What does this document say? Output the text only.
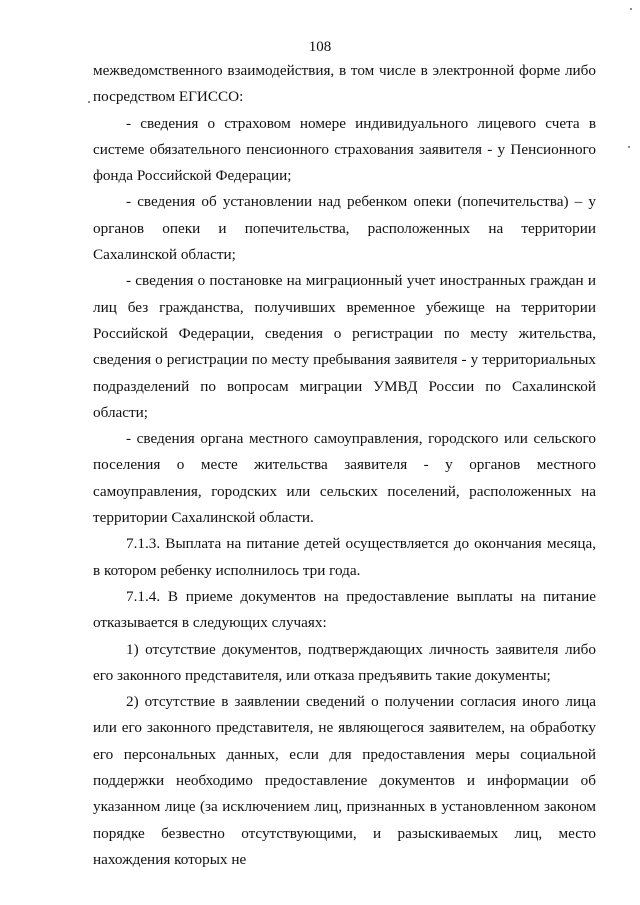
108

межведомственного взаимодействия, в том числе в электронной форме либо посредством ЕГИССО:

- сведения о страховом номере индивидуального лицевого счета в системе обязательного пенсионного страхования заявителя - у Пенсионного фонда Российской Федерации;

- сведения об установлении над ребенком опеки (попечительства) – у органов опеки и попечительства, расположенных на территории Сахалинской области;

- сведения о постановке на миграционный учет иностранных граждан и лиц без гражданства, получивших временное убежище на территории Российской Федерации, сведения о регистрации по месту жительства, сведения о регистрации по месту пребывания заявителя - у территориальных подразделений по вопросам миграции УМВД России по Сахалинской области;

- сведения органа местного самоуправления, городского или сельского поселения о месте жительства заявителя - у органов местного самоуправления, городских или сельских поселений, расположенных на территории Сахалинской области.

7.1.3. Выплата на питание детей осуществляется до окончания месяца, в котором ребенку исполнилось три года.

7.1.4. В приеме документов на предоставление выплаты на питание отказывается в следующих случаях:

1) отсутствие документов, подтверждающих личность заявителя либо его законного представителя, или отказа предъявить такие документы;

2) отсутствие в заявлении сведений о получении согласия иного лица или его законного представителя, не являющегося заявителем, на обработку его персональных данных, если для предоставления меры социальной поддержки необходимо предоставление документов и информации об указанном лице (за исключением лиц, признанных в установленном законом порядке безвестно отсутствующими, и разыскиваемых лиц, место нахождения которых не
